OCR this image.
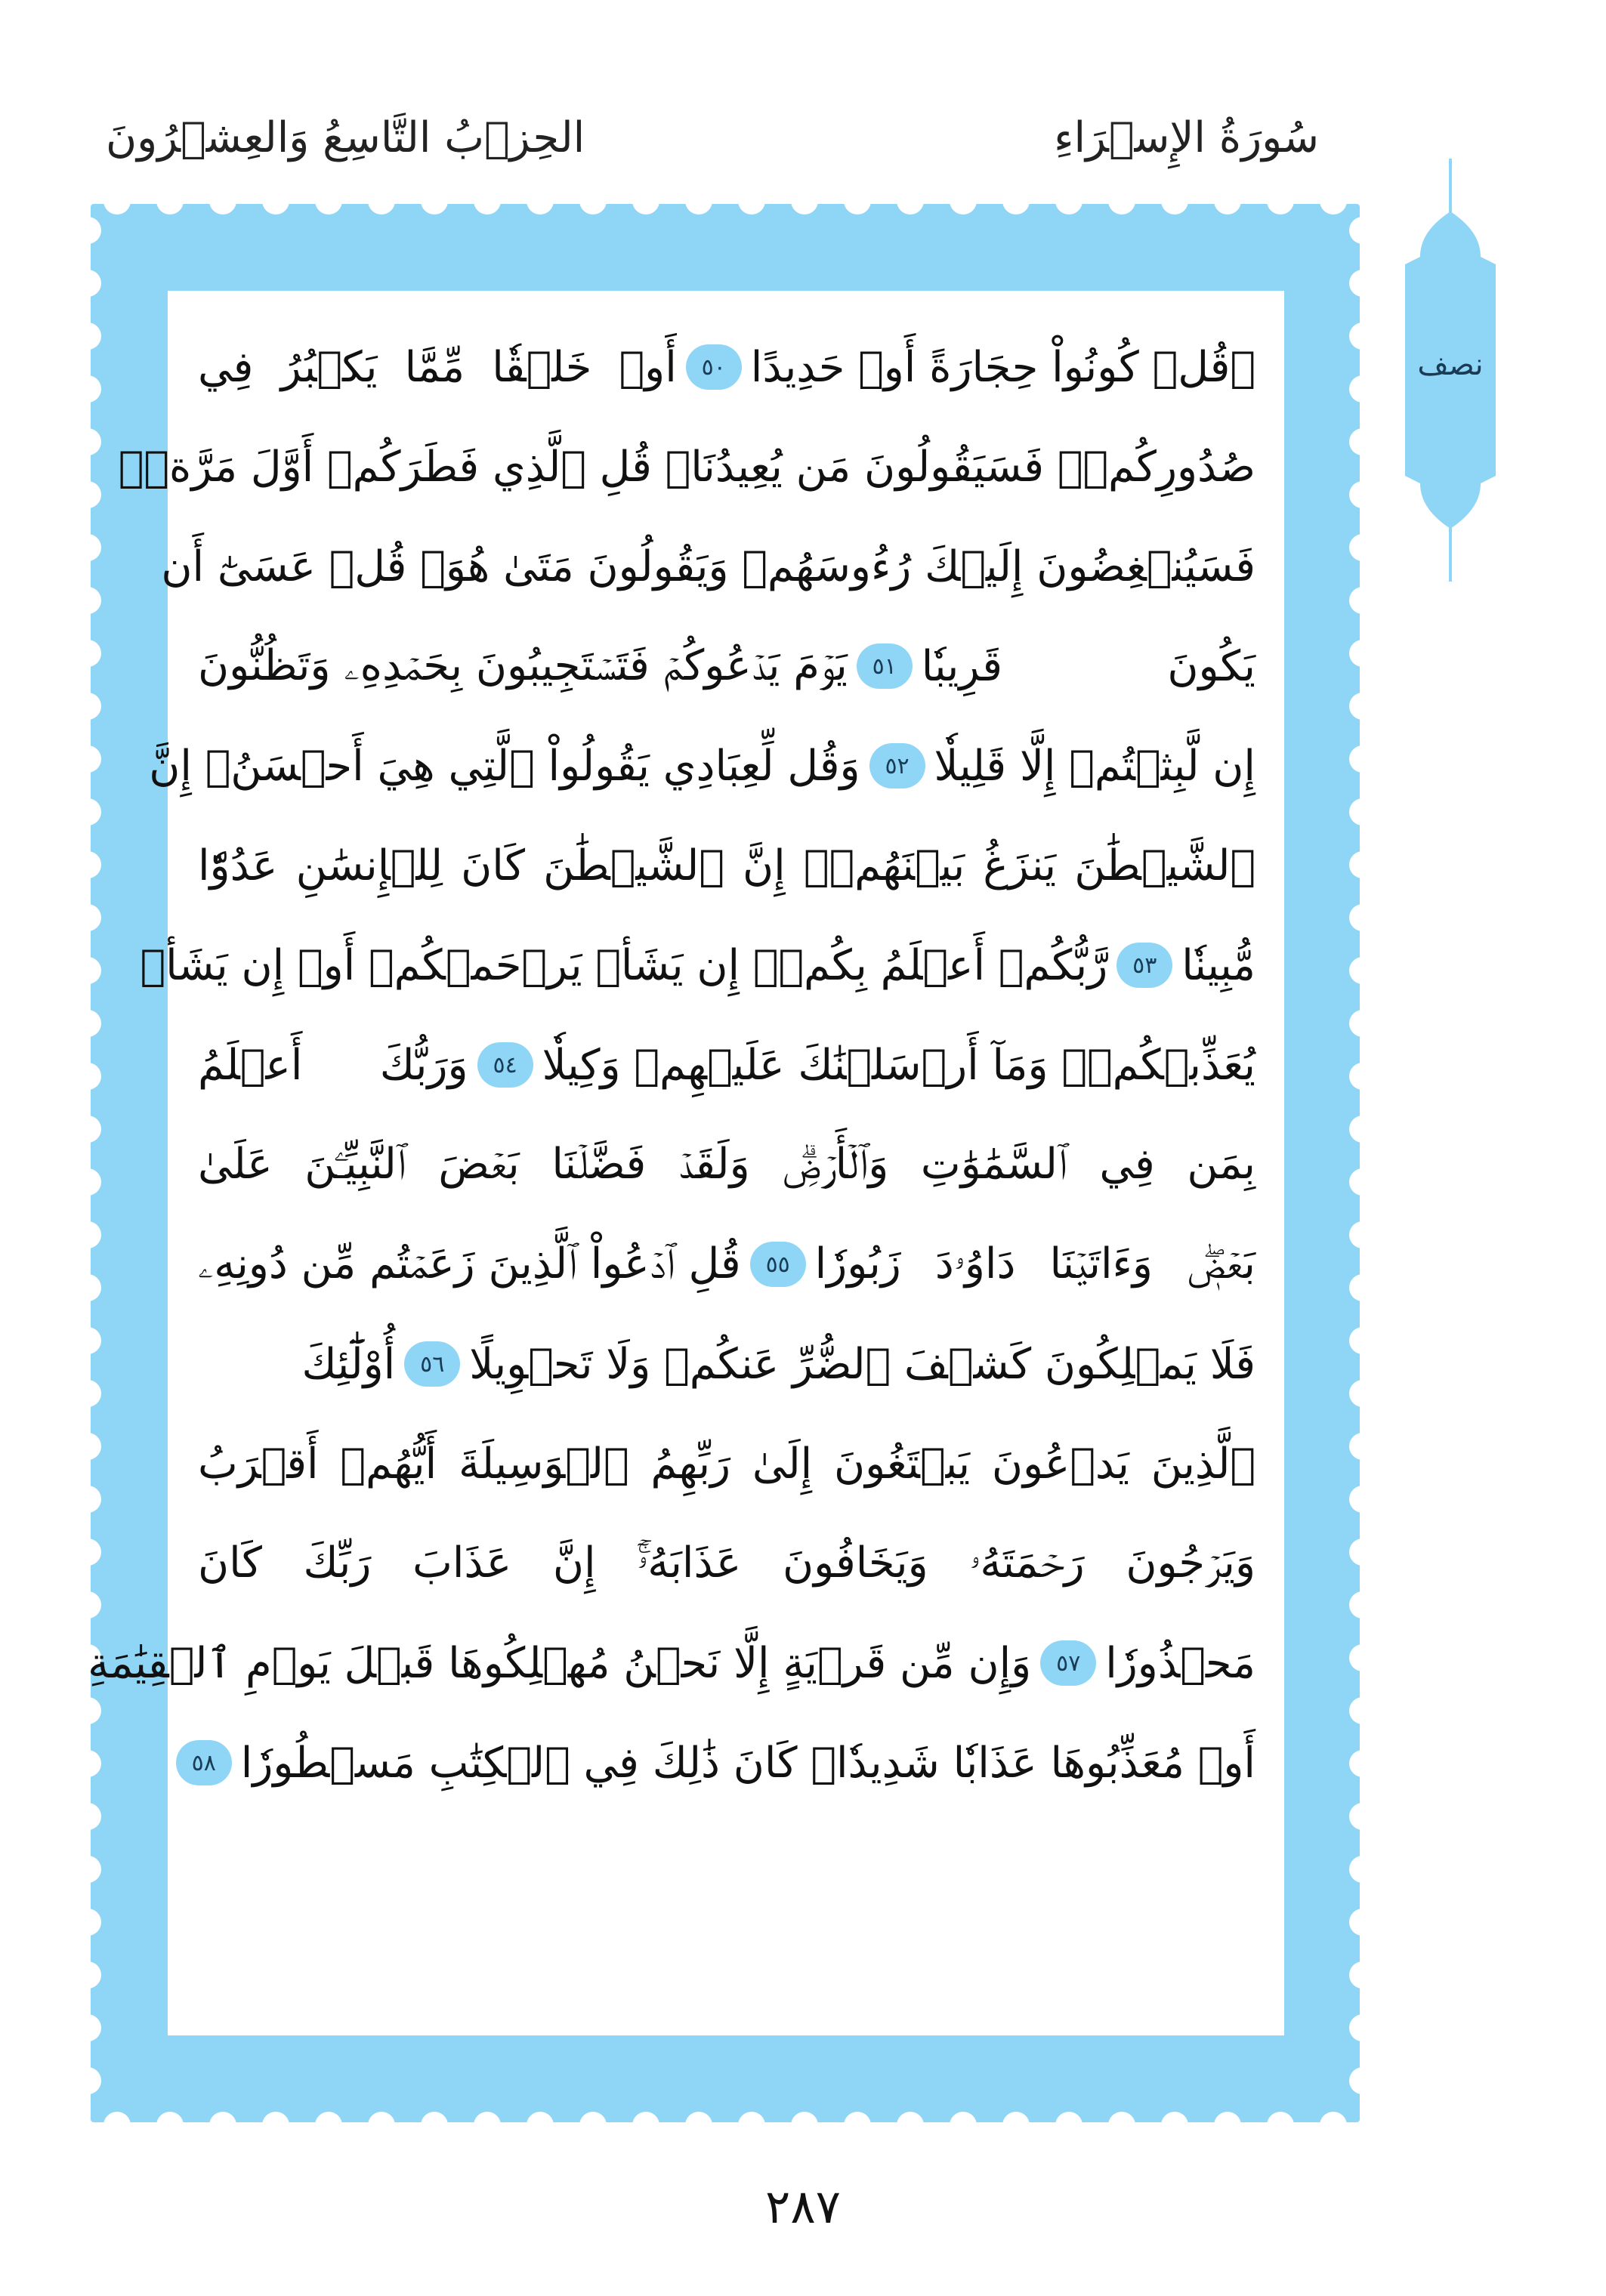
الحِزۡبُ التَّاسِعُ وَالعِشۡرُونَ	سُورَةُ الإِسۡرَاءِ
نصف
۞قُلۡ كُونُواْ حِجَارَةً أَوۡ حَدِيدًا
٥٠
أَوۡ خَلۡقٗا مِّمَّا يَكۡبُرُ فِي
صُدُورِكُمۡۚ فَسَيَقُولُونَ مَن يُعِيدُنَاۖ قُلِ ٱلَّذِي فَطَرَكُمۡ أَوَّلَ مَرَّةٖۚ
فَسَيُنۡغِضُونَ إِلَيۡكَ رُءُوسَهُمۡ وَيَقُولُونَ مَتَىٰ هُوَۖ قُلۡ عَسَىٰٓ أَن
يَكُونَ قَرِيبٗا
٥١
يَوۡمَ يَدۡعُوكُمۡ فَتَسۡتَجِيبُونَ بِحَمۡدِهِۦ وَتَظُنُّونَ
إِن لَّبِثۡتُمۡ إِلَّا قَلِيلٗا
٥٢
وَقُل لِّعِبَادِي يَقُولُواْ ٱلَّتِي هِيَ أَحۡسَنُۚ إِنَّ
ٱلشَّيۡطَٰنَ يَنزَغُ بَيۡنَهُمۡۚ إِنَّ ٱلشَّيۡطَٰنَ كَانَ لِلۡإِنسَٰنِ عَدُوّٗا
مُّبِينٗا
٥٣
رَّبُّكُمۡ أَعۡلَمُ بِكُمۡۖ إِن يَشَأۡ يَرۡحَمۡكُمۡ أَوۡ إِن يَشَأۡ
يُعَذِّبۡكُمۡۚ وَمَآ أَرۡسَلۡنَٰكَ عَلَيۡهِمۡ وَكِيلٗا
٥٤
وَرَبُّكَ أَعۡلَمُ
بِمَن فِي ٱلسَّمَٰوَٰتِ وَٱلۡأَرۡضِۗ وَلَقَدۡ فَضَّلۡنَا بَعۡضَ ٱلنَّبِيِّـۧنَ عَلَىٰ
بَعۡضٖۖ وَءَاتَيۡنَا دَاوُۥدَ زَبُورٗا
٥٥
قُلِ ٱدۡعُواْ ٱلَّذِينَ زَعَمۡتُم مِّن دُونِهِۦ
فَلَا يَمۡلِكُونَ كَشۡفَ ٱلضُّرِّ عَنكُمۡ وَلَا تَحۡوِيلًا
٥٦
أُوْلَٰٓئِكَ
ٱلَّذِينَ يَدۡعُونَ يَبۡتَغُونَ إِلَىٰ رَبِّهِمُ ٱلۡوَسِيلَةَ أَيُّهُمۡ أَقۡرَبُ
وَيَرۡجُونَ رَحۡمَتَهُۥ وَيَخَافُونَ عَذَابَهُۥٓۚ إِنَّ عَذَابَ رَبِّكَ كَانَ
مَحۡذُورٗا
٥٧
وَإِن مِّن قَرۡيَةٍ إِلَّا نَحۡنُ مُهۡلِكُوهَا قَبۡلَ يَوۡمِ ٱلۡقِيَٰمَةِ
أَوۡ مُعَذِّبُوهَا عَذَابٗا شَدِيدٗاۚ كَانَ ذَٰلِكَ فِي ٱلۡكِتَٰبِ مَسۡطُورٗا
٥٨
٢٨٧
